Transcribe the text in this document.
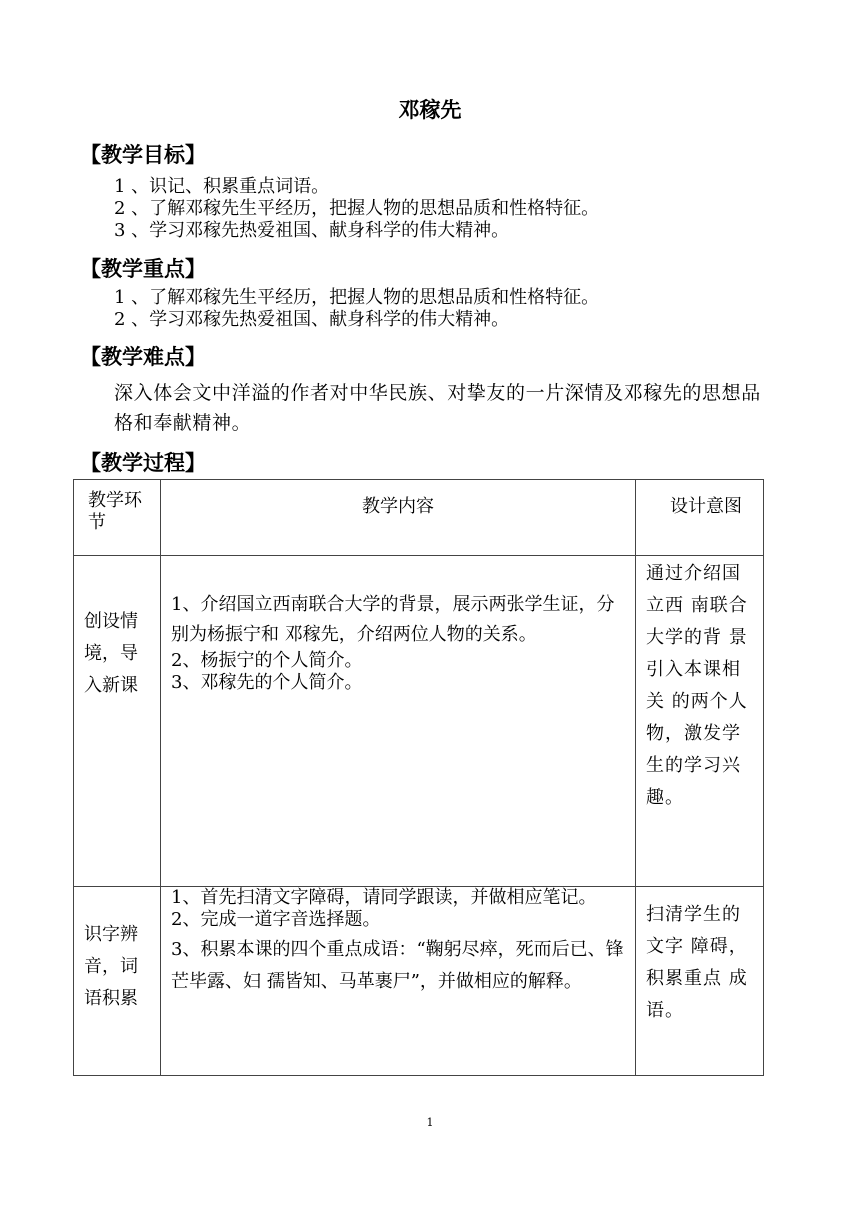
邓稼先
【教学目标】
1 、识记、积累重点词语。
2 、了解邓稼先生平经历，把握人物的思想品质和性格特征。
3 、学习邓稼先热爱祖国、献身科学的伟大精神。
【教学重点】
1 、了解邓稼先生平经历，把握人物的思想品质和性格特征。
2 、学习邓稼先热爱祖国、献身科学的伟大精神。
【教学难点】
深入体会文中洋溢的作者对中华民族、对挚友的一片深情及邓稼先的思想品格和奉献精神。
【教学过程】
教学环节	教学内容	设计意图
创设情境，导入新课	1、介绍国立西南联合大学的背景，展示两张学生证，分别为杨振宁和 邓稼先，介绍两位人物的关系。
2、杨振宁的个人简介。
3、邓稼先的个人简介。	通过介绍国立西 南联合大学的背 景引入本课相关 的两个人物，激发学生的学习兴 趣。
识字辨音，词语积累	1、首先扫清文字障碍，请同学跟读，并做相应笔记。
2、完成一道字音选择题。
3、积累本课的四个重点成语：“鞠躬尽瘁，死而后已、锋芒毕露、妇 孺皆知、马革裹尸”，并做相应的解释。	扫清学生的文字 障碍，积累重点 成语。
1
